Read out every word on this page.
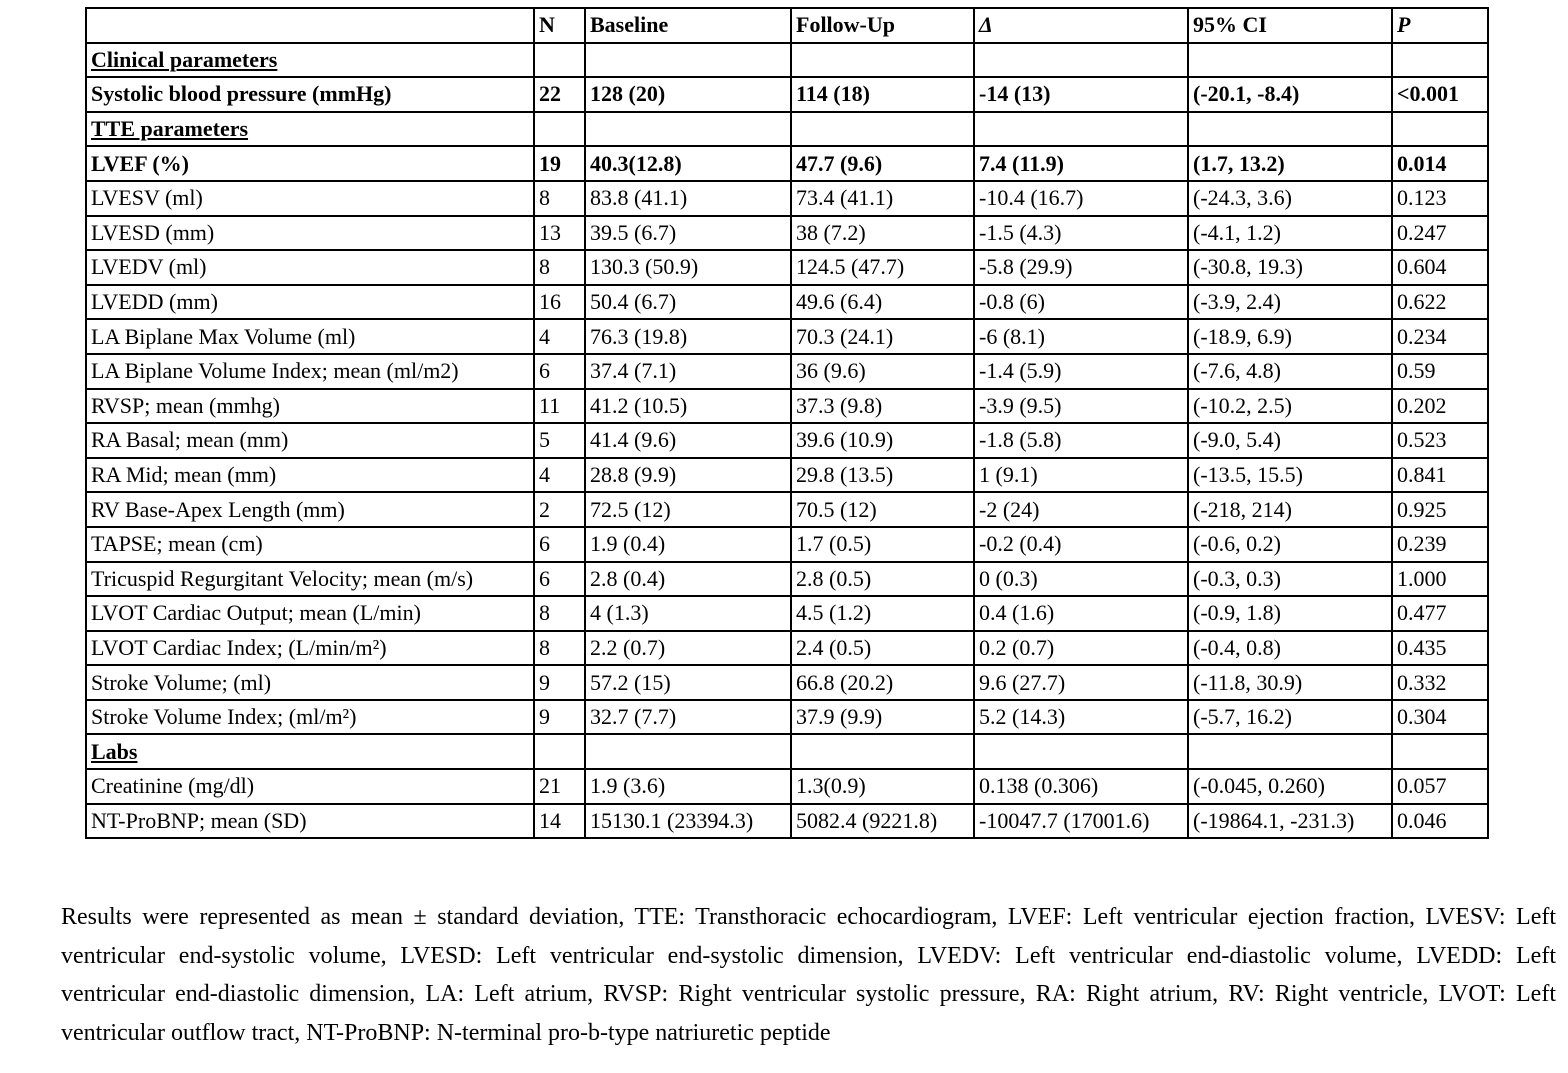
	N	Baseline	Follow-Up	Δ	95% CI	P
Clinical parameters						
Systolic blood pressure (mmHg)	22	128 (20)	114 (18)	-14 (13)	(-20.1, -8.4)	<0.001
TTE parameters						
LVEF (%)	19	40.3(12.8)	47.7 (9.6)	7.4 (11.9)	(1.7, 13.2)	0.014
LVESV (ml)	8	83.8 (41.1)	73.4 (41.1)	-10.4 (16.7)	(-24.3, 3.6)	0.123
LVESD (mm)	13	39.5 (6.7)	38 (7.2)	-1.5 (4.3)	(-4.1, 1.2)	0.247
LVEDV (ml)	8	130.3 (50.9)	124.5 (47.7)	-5.8 (29.9)	(-30.8, 19.3)	0.604
LVEDD (mm)	16	50.4 (6.7)	49.6 (6.4)	-0.8 (6)	(-3.9, 2.4)	0.622
LA Biplane Max Volume (ml)	4	76.3 (19.8)	70.3 (24.1)	-6 (8.1)	(-18.9, 6.9)	0.234
LA Biplane Volume Index; mean (ml/m2)	6	37.4 (7.1)	36 (9.6)	-1.4 (5.9)	(-7.6, 4.8)	0.59
RVSP; mean (mmhg)	11	41.2 (10.5)	37.3 (9.8)	-3.9 (9.5)	(-10.2, 2.5)	0.202
RA Basal; mean (mm)	5	41.4 (9.6)	39.6 (10.9)	-1.8 (5.8)	(-9.0, 5.4)	0.523
RA Mid; mean (mm)	4	28.8 (9.9)	29.8 (13.5)	1 (9.1)	(-13.5, 15.5)	0.841
RV Base-Apex Length (mm)	2	72.5 (12)	70.5 (12)	-2 (24)	(-218, 214)	0.925
TAPSE; mean (cm)	6	1.9 (0.4)	1.7 (0.5)	-0.2 (0.4)	(-0.6, 0.2)	0.239
Tricuspid Regurgitant Velocity; mean (m/s)	6	2.8 (0.4)	2.8 (0.5)	0 (0.3)	(-0.3, 0.3)	1.000
LVOT Cardiac Output; mean (L/min)	8	4 (1.3)	4.5 (1.2)	0.4 (1.6)	(-0.9, 1.8)	0.477
LVOT Cardiac Index; (L/min/m²)	8	2.2 (0.7)	2.4 (0.5)	0.2 (0.7)	(-0.4, 0.8)	0.435
Stroke Volume; (ml)	9	57.2 (15)	66.8 (20.2)	9.6 (27.7)	(-11.8, 30.9)	0.332
Stroke Volume Index; (ml/m²)	9	32.7 (7.7)	37.9 (9.9)	5.2 (14.3)	(-5.7, 16.2)	0.304
Labs						
Creatinine (mg/dl)	21	1.9 (3.6)	1.3(0.9)	0.138 (0.306)	(-0.045, 0.260)	0.057
NT-ProBNP; mean (SD)	14	15130.1 (23394.3)	5082.4 (9221.8)	-10047.7 (17001.6)	(-19864.1, -231.3)	0.046

Results were represented as mean ± standard deviation, TTE: Transthoracic echocardiogram, LVEF: Left ventricular ejection fraction, LVESV: Left ventricular end-systolic volume, LVESD: Left ventricular end-systolic dimension, LVEDV: Left ventricular end-diastolic volume, LVEDD: Left ventricular end-diastolic dimension, LA: Left atrium, RVSP: Right ventricular systolic pressure, RA: Right atrium, RV: Right ventricle, LVOT: Left ventricular outflow tract, NT-ProBNP: N-terminal pro-b-type natriuretic peptide
